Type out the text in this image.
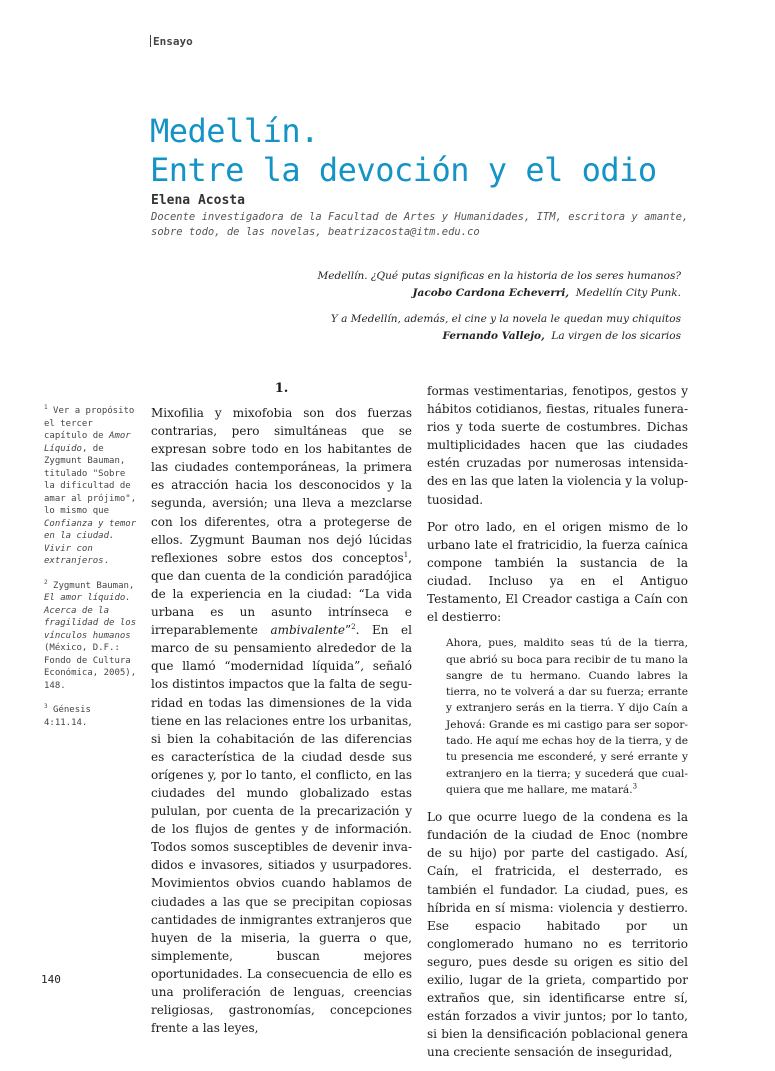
Ensayo
Medellín.
Entre la devoción y el odio
Elena Acosta
Docente investigadora de la Facultad de Artes y Humanidades, ITM, escritora y amante,
sobre todo, de las novelas, beatrizacosta@itm.edu.co
Medellín. ¿Qué putas significas en la historia de los seres humanos?
Jacobo Cardona Echeverri, Medellín City Punk.
Y a Medellín, además, el cine y la novela le quedan muy chiquitos
Fernando Vallejo, La virgen de los sicarios
$^1$ Ver a propósito el tercer capítulo de Amor Líquido, de Zygmunt Bauman, titulado "Sobre la dificultad de amar al prójimo", lo mismo que Confianza y temor en la ciudad. Vivir con extranjeros.
$^2$ Zygmunt Bauman, El amor líquido. Acerca de la fragilidad de los vínculos humanos (México, D.F.: Fondo de Cultura Económica, 2005), 148.
$^3$ Génesis 4:11.14.
1.

Mixofilia y mixofobia son dos fuerzas contrarias, pero simultáneas que se expresan sobre todo en los habitantes de las ciudades contemporáneas, la primera es atracción hacia los desconocidos y la segunda, aversión; una lleva a mezclarse con los diferentes, otra a protegerse de ellos. Zygmunt Bauman nos dejó lúcidas reflexiones sobre estos dos conceptos$^1$, que dan cuenta de la condición paradójica de la experiencia en la ciudad: “La vida urbana es un asunto intrínseca e irreparablemente ambivalente”$^2$. En el marco de su pensamiento alrededor de la que llamó “modernidad líquida”, señaló los distintos impactos que la falta de seguridad en todas las dimensiones de la vida tiene en las relaciones entre los urbanitas, si bien la cohabitación de las diferencias es característica de la ciudad desde sus orígenes y, por lo tanto, el conflicto, en las ciudades del mundo globalizado estas pululan, por cuenta de la precarización y de los flujos de gentes y de información. Todos somos susceptibles de devenir invadidos e invasores, sitiados y usurpadores. Movimientos obvios cuando hablamos de ciudades a las que se precipitan copiosas cantidades de inmigrantes extranjeros que huyen de la miseria, la guerra o que, simplemente, buscan mejores oportunidades. La consecuencia de ello es una proliferación de lenguas, creencias religiosas, gastronomías, concepciones frente a las leyes,

formas vestimentarias, fenotipos, gestos y hábitos cotidianos, fiestas, rituales funerarios y toda suerte de costumbres. Dichas multiplicidades hacen que las ciudades estén cruzadas por numerosas intensidades en las que laten la violencia y la voluptuosidad.

Por otro lado, en el origen mismo de lo urbano late el fratricidio, la fuerza caínica compone también la sustancia de la ciudad. Incluso ya en el Antiguo Testamento, El Creador castiga a Caín con el destierro:

Ahora, pues, maldito seas tú de la tierra, que abrió su boca para recibir de tu mano la sangre de tu hermano. Cuando labres la tierra, no te volverá a dar su fuerza; errante y extranjero serás en la tierra. Y dijo Caín a Jehová: Grande es mi castigo para ser soportado. He aquí me echas hoy de la tierra, y de tu presencia me esconderé, y seré errante y extranjero en la tierra; y sucederá que cualquiera que me hallare, me matará.$^3$

Lo que ocurre luego de la condena es la fundación de la ciudad de Enoc (nombre de su hijo) por parte del castigado. Así, Caín, el fratricida, el desterrado, es también el fundador. La ciudad, pues, es híbrida en sí misma: violencia y destierro. Ese espacio habitado por un conglomerado humano no es territorio seguro, pues desde su origen es sitio del exilio, lugar de la grieta, compartido por extraños que, sin identificarse entre sí, están forzados a vivir juntos; por lo tanto, si bien la densificación poblacional genera una creciente sensación de inseguridad,

140
